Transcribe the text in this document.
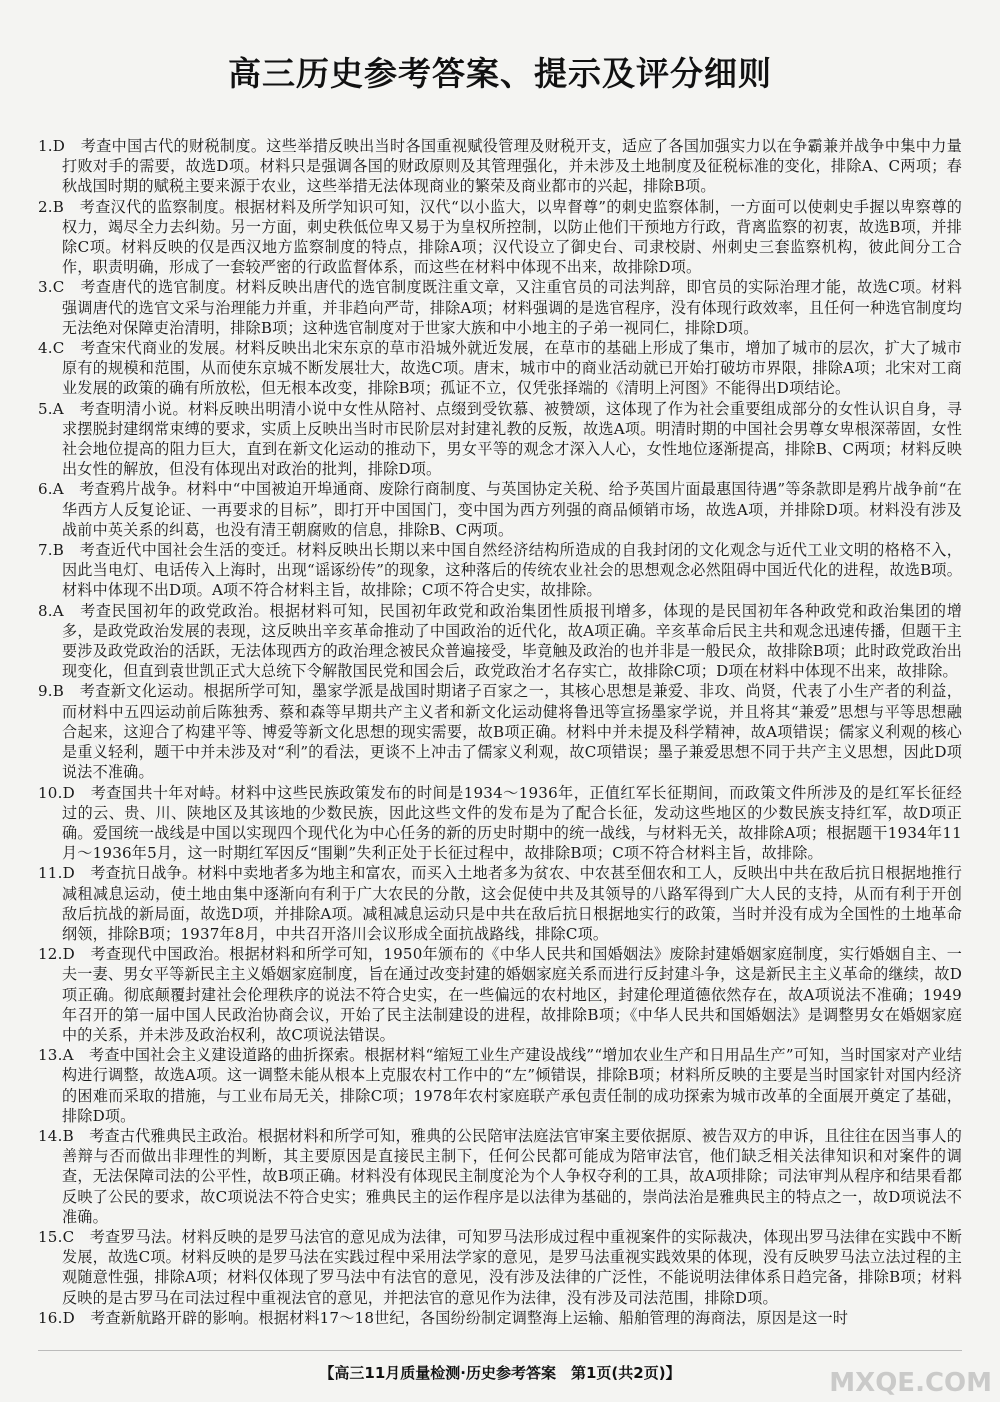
高三历史参考答案、提示及评分细则

1.D　 考查中国古代的财税制度。这些举措反映出当时各国重视赋役管理及财税开支，适应了各国加强实力以在争霸兼并战争中集中力量打败对手的需要，故选D项。材料只是强调各国的财政原则及其管理强化，并未涉及土地制度及征税标准的变化，排除A、C两项；春秋战国时期的赋税主要来源于农业，这些举措无法体现商业的繁荣及商业都市的兴起，排除B项。

2.B　 考查汉代的监察制度。根据材料及所学知识可知，汉代“以小监大，以卑督尊”的刺史监察体制，一方面可以使刺史手握以卑察尊的权力，竭尽全力去纠劾。另一方面，刺史秩低位卑又易于为皇权所控制，以防止他们干预地方行政，背离监察的初衷，故选B项，并排除C项。材料反映的仅是西汉地方监察制度的特点，排除A项；汉代设立了御史台、司隶校尉、州刺史三套监察机构，彼此间分工合作，职责明确，形成了一套较严密的行政监督体系，而这些在材料中体现不出来，故排除D项。

3.C　 考查唐代的选官制度。材料反映出唐代的选官制度既注重文章，又注重官员的司法判辞，即官员的实际治理才能，故选C项。材料强调唐代的选官文采与治理能力并重，并非趋向严苛，排除A项；材料强调的是选官程序，没有体现行政效率，且任何一种选官制度均无法绝对保障吏治清明，排除B项；这种选官制度对于世家大族和中小地主的子弟一视同仁，排除D项。

4.C　 考查宋代商业的发展。材料反映出北宋东京的草市沿城外就近发展，在草市的基础上形成了集市，增加了城市的层次，扩大了城市原有的规模和范围，从而使东京城不断发展壮大，故选C项。唐末，城市中的商业活动就已开始打破坊市界限，排除A项；北宋对工商业发展的政策的确有所放松，但无根本改变，排除B项；孤证不立，仅凭张择端的《清明上河图》不能得出D项结论。

5.A　 考查明清小说。材料反映出明清小说中女性从陪衬、点缀到受钦慕、被赞颂，这体现了作为社会重要组成部分的女性认识自身，寻求摆脱封建纲常束缚的要求，实质上反映出当时市民阶层对封建礼教的反叛，故选A项。明清时期的中国社会男尊女卑根深蒂固，女性社会地位提高的阻力巨大，直到在新文化运动的推动下，男女平等的观念才深入人心，女性地位逐渐提高，排除B、C两项；材料反映出女性的解放，但没有体现出对政治的批判，排除D项。

6.A　 考查鸦片战争。材料中“中国被迫开埠通商、废除行商制度、与英国协定关税、给予英国片面最惠国待遇”等条款即是鸦片战争前“在华西方人反复论证、一再要求的目标”，即打开中国国门，变中国为西方列强的商品倾销市场，故选A项，并排除D项。材料没有涉及战前中英关系的纠葛，也没有清王朝腐败的信息，排除B、C两项。

7.B　 考查近代中国社会生活的变迁。材料反映出长期以来中国自然经济结构所造成的自我封闭的文化观念与近代工业文明的格格不入，因此当电灯、电话传入上海时，出现“谣诼纷传”的现象，这种落后的传统农业社会的思想观念必然阻碍中国近代化的进程，故选B项。材料中体现不出D项。A项不符合材料主旨，故排除；C项不符合史实，故排除。

8.A　 考查民国初年的政党政治。根据材料可知，民国初年政党和政治集团性质报刊增多，体现的是民国初年各种政党和政治集团的增多，是政党政治发展的表现，这反映出辛亥革命推动了中国政治的近代化，故A项正确。辛亥革命后民主共和观念迅速传播，但题干主要涉及政党政治的活跃，无法体现西方的政治理念被民众普遍接受，毕竟触及政治的也并非是一般民众，故排除B项；此时政党政治出现变化，但直到袁世凯正式大总统下令解散国民党和国会后，政党政治才名存实亡，故排除C项；D项在材料中体现不出来，故排除。

9.B　 考查新文化运动。根据所学可知，墨家学派是战国时期诸子百家之一，其核心思想是兼爱、非攻、尚贤，代表了小生产者的利益，而材料中五四运动前后陈独秀、蔡和森等早期共产主义者和新文化运动健将鲁迅等宣扬墨家学说，并且将其“兼爱”思想与平等思想融合起来，这迎合了构建平等、博爱等新文化思想的现实需要，故B项正确。材料中并未提及科学精神，故A项错误；儒家义利观的核心是重义轻利，题干中并未涉及对“利”的看法，更谈不上冲击了儒家义利观，故C项错误；墨子兼爱思想不同于共产主义思想，因此D项说法不准确。

10.D　 考查国共十年对峙。材料中这些民族政策发布的时间是1934～1936年，正值红军长征期间，而政策文件所涉及的是红军长征经过的云、贵、川、陕地区及其该地的少数民族，因此这些文件的发布是为了配合长征，发动这些地区的少数民族支持红军，故D项正确。爱国统一战线是中国以实现四个现代化为中心任务的新的历史时期中的统一战线，与材料无关，故排除A项；根据题干1934年11月～1936年5月，这一时期红军因反“围剿”失利正处于长征过程中，故排除B项；C项不符合材料主旨，故排除。

11.D　 考查抗日战争。材料中卖地者多为地主和富农，而买入土地者多为贫农、中农甚至佃农和工人，反映出中共在敌后抗日根据地推行减租减息运动，使土地由集中逐渐向有利于广大农民的分散，这会促使中共及其领导的八路军得到广大人民的支持，从而有利于开创敌后抗战的新局面，故选D项，并排除A项。减租减息运动只是中共在敌后抗日根据地实行的政策，当时并没有成为全国性的土地革命纲领，排除B项；1937年8月，中共召开洛川会议形成全面抗战路线，排除C项。

12.D　 考查现代中国政治。根据材料和所学可知，1950年颁布的《中华人民共和国婚姻法》废除封建婚姻家庭制度，实行婚姻自主、一夫一妻、男女平等新民主主义婚姻家庭制度，旨在通过改变封建的婚姻家庭关系而进行反封建斗争，这是新民主主义革命的继续，故D项正确。彻底颠覆封建社会伦理秩序的说法不符合史实，在一些偏远的农村地区，封建伦理道德依然存在，故A项说法不准确；1949年召开的第一届中国人民政治协商会议，开始了民主法制建设的进程，故排除B项；《中华人民共和国婚姻法》是调整男女在婚姻家庭中的关系，并未涉及政治权利，故C项说法错误。

13.A　 考查中国社会主义建设道路的曲折探索。根据材料“缩短工业生产建设战线”“增加农业生产和日用品生产”可知，当时国家对产业结构进行调整，故选A项。这一调整未能从根本上克服农村工作中的“左”倾错误，排除B项；材料所反映的主要是当时国家针对国内经济的困难而采取的措施，与工业布局无关，排除C项；1978年农村家庭联产承包责任制的成功探索为城市改革的全面展开奠定了基础，排除D项。

14.B　 考查古代雅典民主政治。根据材料和所学可知，雅典的公民陪审法庭法官审案主要依据原、被告双方的申诉，且往往在因当事人的善辩与否而做出非理性的判断，其主要原因是直接民主制下，任何公民都可能成为陪审法官，他们缺乏相关法律知识和对案件的调查，无法保障司法的公平性，故B项正确。材料没有体现民主制度沦为个人争权夺利的工具，故A项排除；司法审判从程序和结果看都反映了公民的要求，故C项说法不符合史实；雅典民主的运作程序是以法律为基础的，崇尚法治是雅典民主的特点之一，故D项说法不准确。

15.C　 考查罗马法。材料反映的是罗马法官的意见成为法律，可知罗马法形成过程中重视案件的实际裁决，体现出罗马法律在实践中不断发展，故选C项。材料反映的是罗马法在实践过程中采用法学家的意见，是罗马法重视实践效果的体现，没有反映罗马法立法过程的主观随意性强，排除A项；材料仅体现了罗马法中有法官的意见，没有涉及法律的广泛性，不能说明法律体系日趋完备，排除B项；材料反映的是古罗马在司法过程中重视法官的意见，并把法官的意见作为法律，没有涉及司法范围，排除D项。

16.D　 考查新航路开辟的影响。根据材料17～18世纪，各国纷纷制定调整海上运输、船舶管理的海商法，原因是这一时

【高三11月质量检测·历史参考答案　第1页(共2页)】	MXQE.COM
